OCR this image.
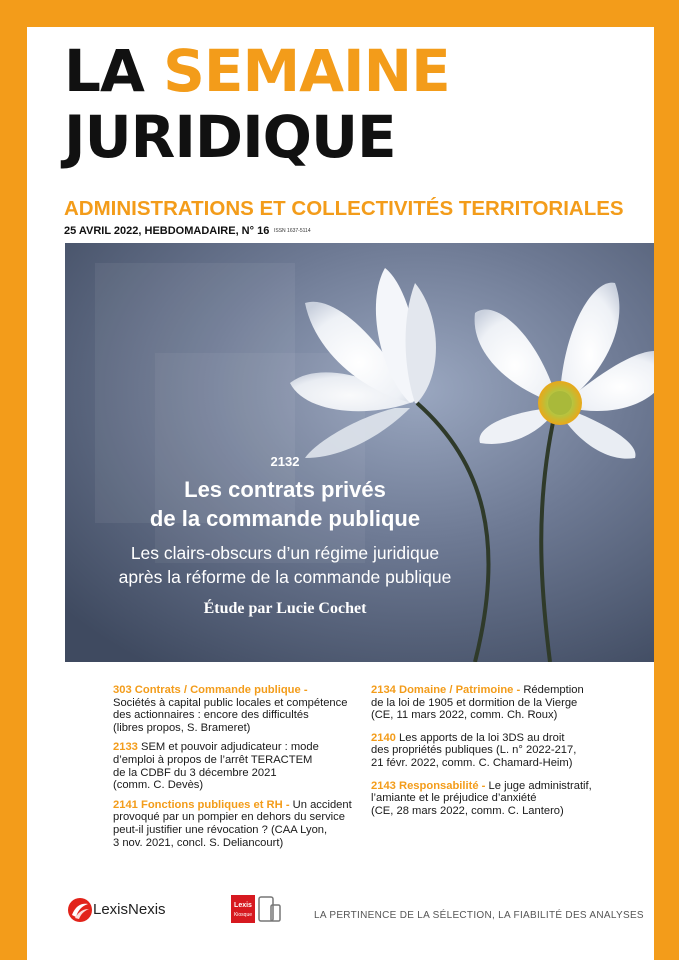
LA SEMAINE
JURIDIQUE
ADMINISTRATIONS ET COLLECTIVITÉS TERRITORIALES
25 AVRIL 2022, HEBDOMADAIRE, N° 16 ISSN 1637-5114
2132
Les contrats privés
de la commande publique
Les clairs-obscurs d’un régime juridique
après la réforme de la commande publique
Étude par Lucie Cochet
303 Contrats / Commande publique -
Sociétés à capital public locales et compétence
des actionnaires : encore des difficultés
(libres propos, S. Brameret)
2133 SEM et pouvoir adjudicateur : mode
d’emploi à propos de l’arrêt TERACTEM
de la CDBF du 3 décembre 2021
(comm. C. Devès)
2141 Fonctions publiques et RH - Un accident
provoqué par un pompier en dehors du service
peut-il justifier une révocation ? (CAA Lyon,
3 nov. 2021, concl. S. Deliancourt)
2134 Domaine / Patrimoine - Rédemption
de la loi de 1905 et dormition de la Vierge
(CE, 11 mars 2022, comm. Ch. Roux)
2140 Les apports de la loi 3DS au droit
des propriétés publiques (L. n° 2022-217,
21 févr. 2022, comm. C. Chamard-Heim)
2143 Responsabilité - Le juge administratif,
l’amiante et le préjudice d’anxiété
(CE, 28 mars 2022, comm. C. Lantero)
LexisNexis	Lexis
Kiosque	LA PERTINENCE DE LA SÉLECTION, LA FIABILITÉ DES ANALYSES
